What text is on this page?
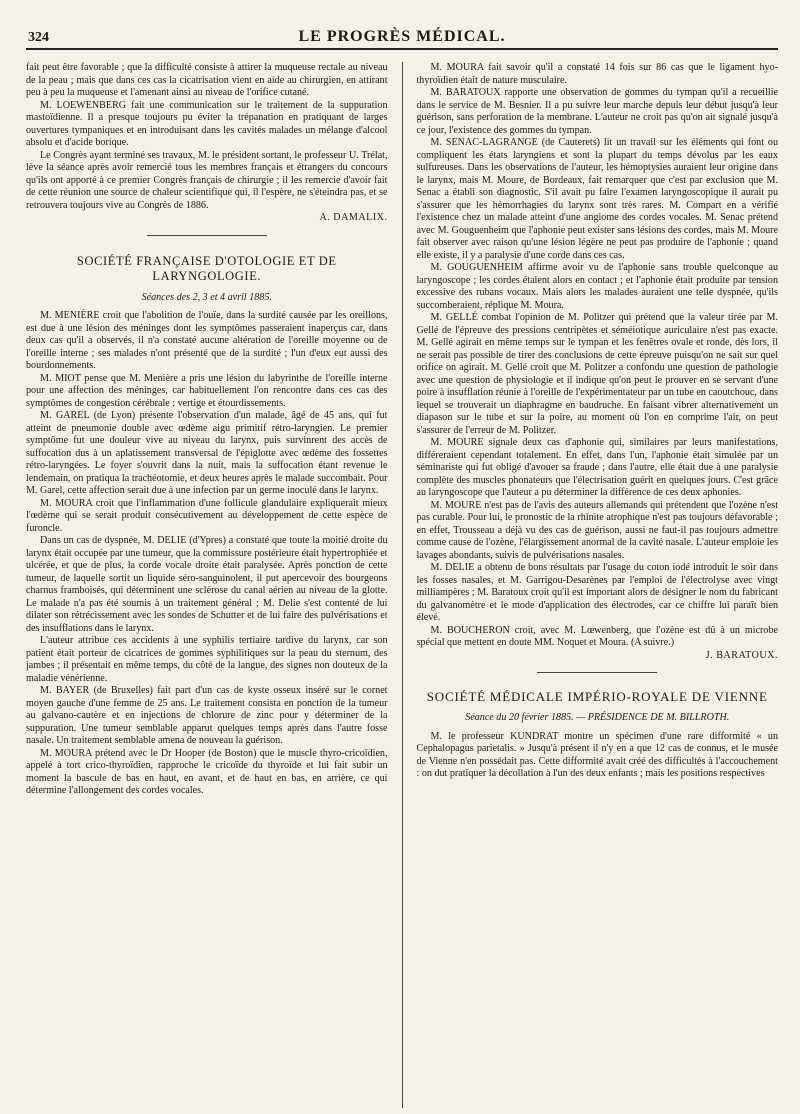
324	LE PROGRÈS MÉDICAL.

fait peut être favorable ; que la difficulté consiste à attirer la muqueuse rectale au niveau de la peau ; mais que dans ces cas la cicatrisation vient en aide au chirurgien, en attirant peu à peu la muqueuse et l'amenant ainsi au niveau de l'orifice cutané.

M. LOEWENBERG fait une communication sur le traitement de la suppuration mastoïdienne. Il a presque toujours pu éviter la trépanation en pratiquant de larges ouvertures tympaniques et en introduisant dans les cavités malades un mélange d'alcool absolu et d'acide borique.

Le Congrès ayant terminé ses travaux, M. le président sortant, le professeur U. Trélat, lève la séance après avoir remercié tous les membres français et étrangers du concours qu'ils ont apporté à ce premier Congrès français de chirurgie ; il les remercie d'avoir fait de cette réunion une source de chaleur scientifique qui, il l'espère, ne s'éteindra pas, et se retrouvera toujours vive au Congrès de 1886.

A. DAMALIX.
SOCIÉTÉ FRANÇAISE D'OTOLOGIE ET DE LARYNGOLOGIE.
Séances des 2, 3 et 4 avril 1885.

M. MENIÈRE croit que l'abolition de l'ouïe, dans la surdité causée par les oreillons, est due à une lésion des méninges dont les symptômes passeraient inaperçus car, dans deux cas qu'il a observés, il n'a constaté aucune altération de l'oreille moyenne ou de l'oreille interne ; ses malades n'ont présenté que de la surdité ; l'un d'eux eut aussi des bourdonnements.

M. MIOT pense que M. Menière a pris une lésion du labyrinthe de l'oreille interne pour une affection des méninges, car habituellement l'on rencontre dans ces cas des symptômes de congestion cérébrale : vertige et étourdissements.

M. GAREL (de Lyon) présente l'observation d'un malade, âgé de 45 ans, qui fut atteint de pneumonie double avec œdème aigu primitif rétro-laryngien. Le premier symptôme fut une douleur vive au niveau du larynx, puis survinrent des accès de suffocation dus à un aplatissement transversal de l'épiglotte avec œdème des fossettes rétro-laryngées. Le foyer s'ouvrit dans la nuit, mais la suffocation étant revenue le lendemain, on pratiqua la trachéotomie, et deux heures après le malade succombait. Pour M. Garel, cette affection serait due à une infection par un germe inoculé dans le larynx.

M. MOURA croit que l'inflammation d'une follicule glandulaire expliquerait mieux l'œdème qui se serait produit consécutivement au développement de cette espèce de furoncle.

Dans un cas de dyspnée, M. DELIE (d'Ypres) a constaté que toute la moitié droite du larynx était occupée par une tumeur, que la commissure postérieure était hypertrophiée et ulcérée, et que de plus, la corde vocale droite était paralysée. Après ponction de cette tumeur, de laquelle sortit un liquide séro-sanguinolent, il put apercevoir des bourgeons charnus framboisés, qui déterminent une sclérose du canal aérien au niveau de la glotte. Le malade n'a pas été soumis à un traitement général ; M. Delie s'est contenté de lui dilater son rétrécissement avec les sondes de Schutter et de lui faire des pulvérisations et des insufflations dans le larynx.

L'auteur attribue ces accidents à une syphilis tertiaire tardive du larynx, car son patient était porteur de cicatrices de gommes syphilitiques sur la peau du sternum, des jambes ; il présentait en même temps, du côté de la langue, des signes non douteux de la maladie vénérienne.

M. BAYER (de Bruxelles) fait part d'un cas de kyste osseux inséré sur le cornet moyen gauche d'une femme de 25 ans. Le traitement consista en ponction de la tumeur au galvano-cautère et en injections de chlorure de zinc pour y déterminer de la suppuration. Une tumeur semblable apparut quelques temps après dans l'autre fosse nasale. Un traitement semblable amena de nouveau la guérison.

M. MOURA prétend avec le Dr Hooper (de Boston) que le muscle thyro-cricoïdien, appelé à tort crico-thyroïdien, rapproche le cricoïde du thyroïde et lui fait subir un moment la bascule de bas en haut, en avant, et de haut en bas, en arrière, ce qui détermine l'allongement des cordes vocales.

M. MOURA fait savoir qu'il a constaté 14 fois sur 86 cas que le ligament hyo-thyroïdien était de nature musculaire.

M. BARATOUX rapporte une observation de gommes du tympan qu'il a recueillie dans le service de M. Besnier. Il a pu suivre leur marche depuis leur début jusqu'à leur guérison, sans perforation de la membrane. L'auteur ne croit pas qu'on ait signalé jusqu'à ce jour, l'existence des gommes du tympan.

M. SENAC-LAGRANGE (de Cauterets) lit un travail sur les éléments qui font ou compliquent les états laryngiens et sont la plupart du temps dévolus par les eaux sulfureuses. Dans les observations de l'auteur, les hémoptysies auraient leur origine dans le larynx, mais M. Moure, de Bordeaux, fait remarquer que c'est par exclusion que M. Senac a établi son diagnostic. S'il avait pu faire l'examen laryngoscopique il aurait pu s'assurer que les hémorrhagies du larynx sont très rares. M. Compart en a vérifié l'existence chez un malade atteint d'une angiome des cordes vocales. M. Senac prétend avec M. Gouguenheim que l'aphonie peut exister sans lésions des cordes, mais M. Moure fait observer avec raison qu'une lésion légère ne peut pas produire de l'aphonie ; quand elle existe, il y a paralysie d'une corde dans ces cas.

M. GOUGUENHEIM affirme avoir vu de l'aphonie sans trouble quelconque au laryngoscope ; les cordes étaient alors en contact ; et l'aphonie était produite par tension excessive des rubans vocaux. Mais alors les malades auraient une telle dyspnée, qu'ils succomberaient, réplique M. Moura.

M. GELLÉ combat l'opinion de M. Politzer qui prétend que la valeur tirée par M. Gellé de l'épreuve des pressions centripètes et séméiotique auriculaire n'est pas exacte. M. Gellé agirait en même temps sur le tympan et les fenêtres ovale et ronde, dès lors, il ne serait pas possible de tirer des conclusions de cette épreuve puisqu'on ne sait sur quel orifice on agirait. M. Gellé croit que M. Politzer a confondu une question de pathologie avec une question de physiologie et il indique qu'on peut le prouver en se servant d'une poire à insufflation réunie à l'oreille de l'expérimentateur par un tube en caoutchouc, dans lequel se trouverait un diaphragme en baudruche. En faisant vibrer alternativement un diapason sur le tube et sur la poire, au moment où l'on en comprime l'air, on peut s'assurer de l'erreur de M. Politzer.

M. MOURE signale deux cas d'aphonie qui, similaires par leurs manifestations, différeraient cependant totalement. En effet, dans l'un, l'aphonie était simulée par un séminariste qui fut obligé d'avouer sa fraude ; dans l'autre, elle était due à une paralysie complète des muscles phonateurs que l'électrisation guérit en quelques jours. C'est grâce au laryngoscope que l'auteur a pu déterminer la différence de ces deux aphonies.

M. MOURE n'est pas de l'avis des auteurs allemands qui prétendent que l'ozène n'est pas curable. Pour lui, le pronostic de la rhinite atrophique n'est pas toujours défavorable ; en effet, Trousseau a déjà vu des cas de guérison, aussi ne faut-il pas toujours admettre comme cause de l'ozène, l'élargissement anormal de la cavité nasale. L'auteur emploie les lavages abondants, suivis de pulvérisations nasales.

M. DELIE a obtenu de bons résultats par l'usage du coton iodé introduit le soir dans les fosses nasales, et M. Garrigou-Desarènes par l'emploi de l'électrolyse avec vingt milliampères ; M. Baratoux croit qu'il est important alors de désigner le nom du fabricant du galvanomètre et le mode d'application des électrodes, car ce chiffre lui paraît bien élevé.

M. BOUCHERON croit, avec M. Lœwenberg, que l'ozène est dû à un microbe spécial que mettent en doute MM. Noquet et Moura. (A suivre.)

J. BARATOUX.
SOCIÉTÉ MÉDICALE IMPÉRIO-ROYALE DE VIENNE
Séance du 20 février 1885. — PRÉSIDENCE DE M. BILLROTH.

M. le professeur KUNDRAT montre un spécimen d'une rare difformité « un Cephalopagus parietalis. » Jusqu'à présent il n'y en a que 12 cas de connus, et le musée de Vienne n'en possédait pas. Cette difformité avait créé des difficultés à l'accouchement : on dut pratiquer la décollation à l'un des deux enfants ; mais les positions respectives
